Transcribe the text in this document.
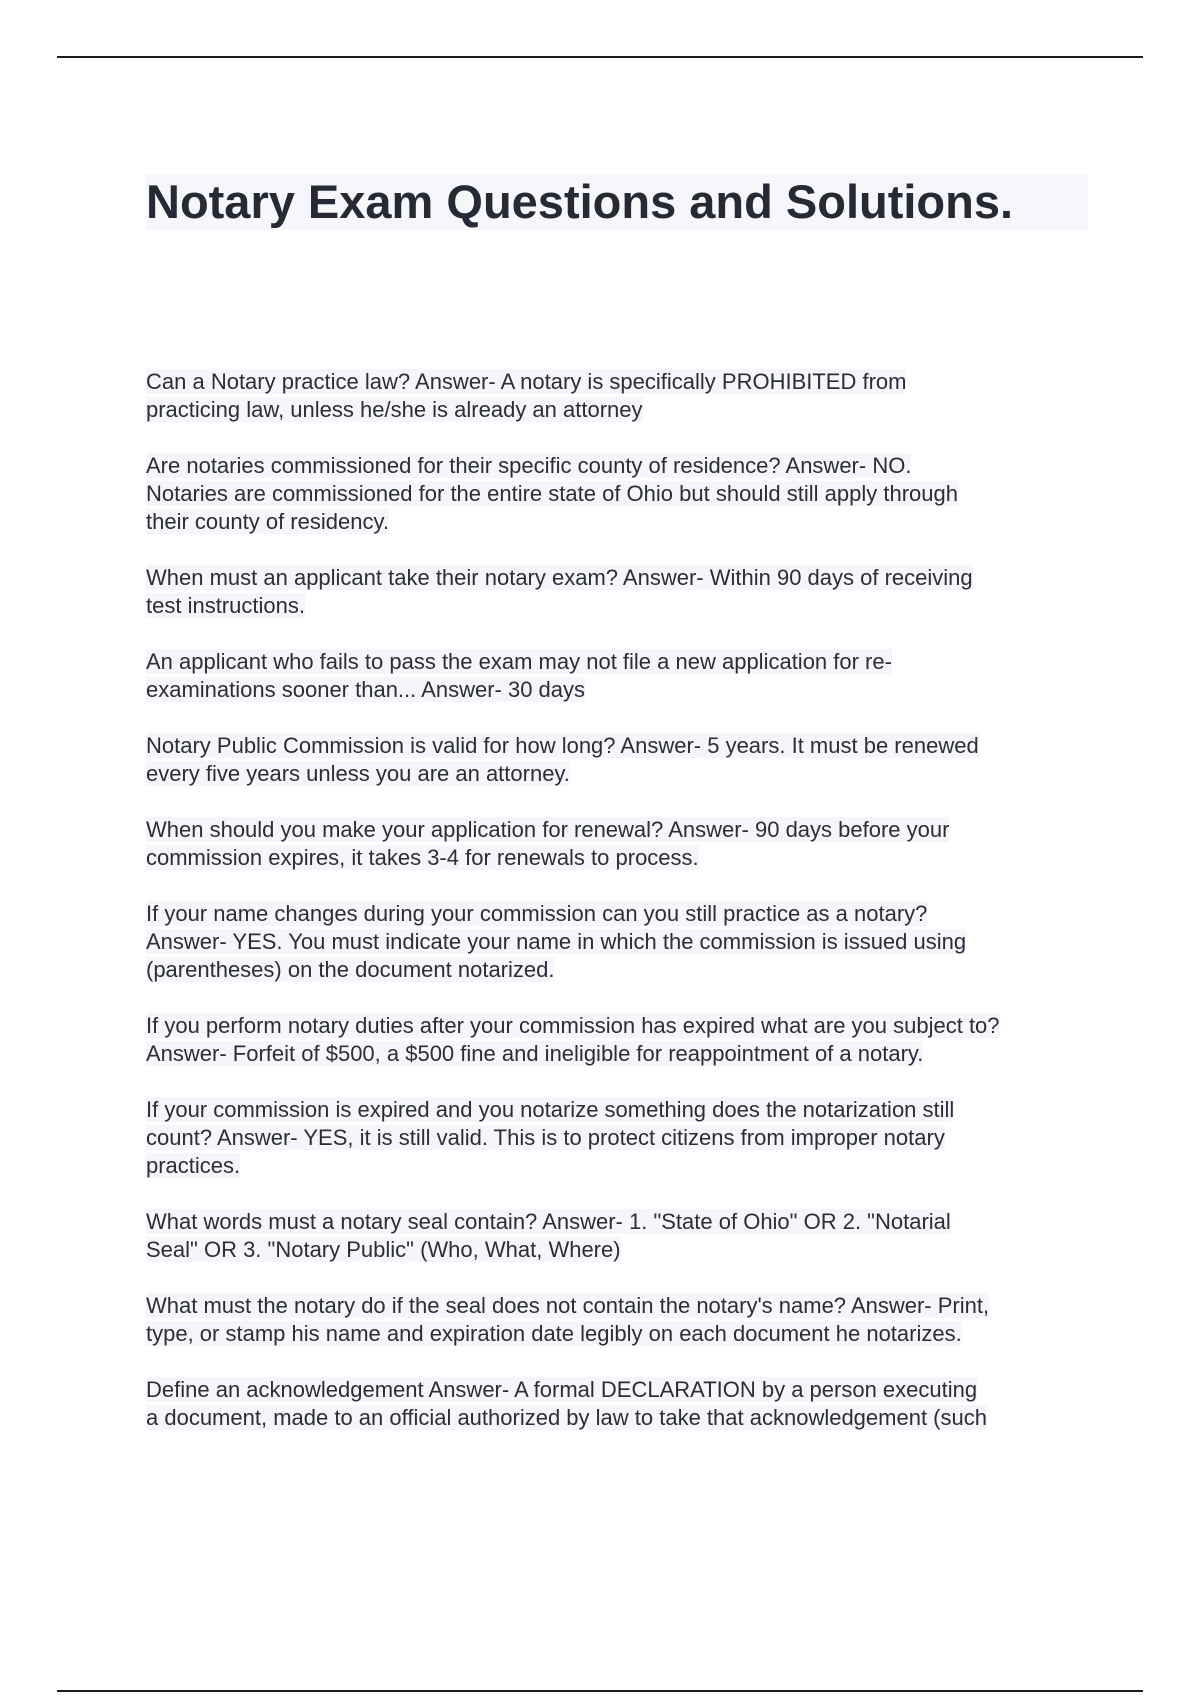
Notary Exam Questions and Solutions.
Can a Notary practice law? Answer- A notary is specifically PROHIBITED from
practicing law, unless he/she is already an attorney
Are notaries commissioned for their specific county of residence? Answer- NO.
Notaries are commissioned for the entire state of Ohio but should still apply through
their county of residency.
When must an applicant take their notary exam? Answer- Within 90 days of receiving
test instructions.
An applicant who fails to pass the exam may not file a new application for re-
examinations sooner than... Answer- 30 days
Notary Public Commission is valid for how long? Answer- 5 years. It must be renewed
every five years unless you are an attorney.
When should you make your application for renewal? Answer- 90 days before your
commission expires, it takes 3-4 for renewals to process.
If your name changes during your commission can you still practice as a notary?
Answer- YES. You must indicate your name in which the commission is issued using
(parentheses) on the document notarized.
If you perform notary duties after your commission has expired what are you subject to?
Answer- Forfeit of $500, a $500 fine and ineligible for reappointment of a notary.
If your commission is expired and you notarize something does the notarization still
count? Answer- YES, it is still valid. This is to protect citizens from improper notary
practices.
What words must a notary seal contain? Answer- 1. "State of Ohio" OR 2. "Notarial
Seal" OR 3. "Notary Public" (Who, What, Where)
What must the notary do if the seal does not contain the notary's name? Answer- Print,
type, or stamp his name and expiration date legibly on each document he notarizes.
Define an acknowledgement Answer- A formal DECLARATION by a person executing
a document, made to an official authorized by law to take that acknowledgement (such
